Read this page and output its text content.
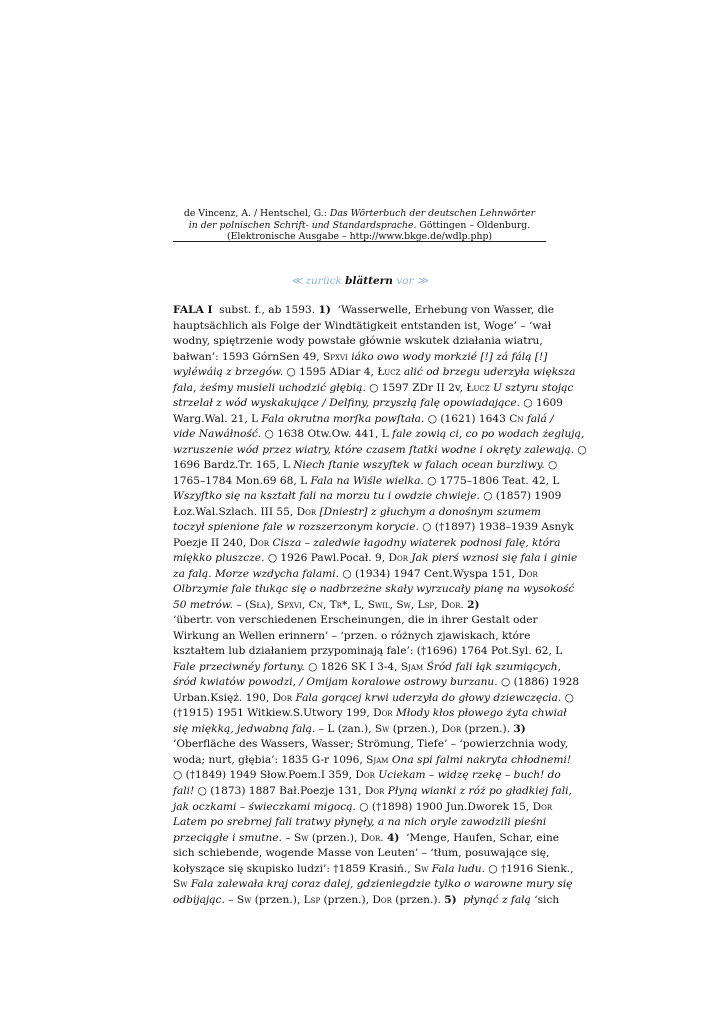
de Vincenz, A. / Hentschel, G.: Das Wörterbuch der deutschen Lehnwörter
in der polnischen Schrift- und Standardsprache. Göttingen – Oldenburg.
(Elektronische Ausgabe – http://www.bkge.de/wdlp.php)
≪ zurück blättern vor ≫
FALA I  subst. f., ab 1593. 1)  ‘Wasserwelle, Erhebung von Wasser, die
hauptsächlich als Folge der Windtätigkeit entstanden ist, Woge’ – ‘wał
wodny, spiętrzenie wody powstałe głównie wskutek działania wiatru,
bałwan’: 1593 GórnSen 49, Spxvi iáko owo wody morkzié [!] zá fálą [!]
wyléwáią z brzegów. ○ 1595 ADiar 4, Łucz alić od brzegu uderzyła większa
fala, żeśmy musieli uchodzić głębią. ○ 1597 ZDr II 2v, Łucz U sztyru stojąc
strzelał z wód wyskakujące / Delfiny, przyszłą falę opowiadające. ○ 1609
Warg.Wal. 21, L Fala okrutna morſka powſtała. ○ (1621) 1643 Cn falá /
vide Nawáłność. ○ 1638 Otw.Ow. 441, L fale zowią ci, co po wodach żeglują,
wzruszenie wód przez wiatry, które czasem ſtatki wodne i okręty zalewają. ○
1696 Bardz.Tr. 165, L Niech ſtanie wszyſtek w falach ocean burzliwy. ○
1765–1784 Mon.69 68, L Fala na Wiśle wielka. ○ 1775–1806 Teat. 42, L
Wszyſtko się na kształt fali na morzu tu i owdzie chwieje. ○ (1857) 1909
Łoz.Wal.Szlach. III 55, Dor [Dniestr] z głuchym a donośnym szumem
toczył spienione fale w rozszerzonym korycie. ○ (†1897) 1938–1939 Asnyk
Poezje II 240, Dor Cisza – zaledwie łagodny wiaterek podnosi falę, która
miękko pluszcze. ○ 1926 Pawl.Pocał. 9, Dor Jak pierś wznosi się fala i ginie
za falą. Morze wzdycha falami. ○ (1934) 1947 Cent.Wyspa 151, Dor
Olbrzymie fale tłukąc się o nadbrzeżne skały wyrzucały pianę na wysokość
50 metrów. – (Sła), Spxvi, Cn, Tr*, L, Swil, Sw, Lsp, Dor. 2)
‘übertr. von verschiedenen Erscheinungen, die in ihrer Gestalt oder
Wirkung an Wellen erinnern’ – ‘przen. o różnych zjawiskach, które
kształtem lub działaniem przypominają fale’: (†1696) 1764 Pot.Syl. 62, L
Fale przeciwnéy fortuny. ○ 1826 SK I 3-4, Sjam Śród fali łąk szumiących,
śród kwiatów powodzi, / Omijam koralowe ostrowy burzanu. ○ (1886) 1928
Urban.Księż. 190, Dor Fala gorącej krwi uderzyła do głowy dziewczęcia. ○
(†1915) 1951 Witkiew.S.Utwory 199, Dor Młody kłos płowego żyta chwiał
się miękką, jedwabną falą. – L (zan.), Sw (przen.), Dor (przen.). 3)
‘Oberfläche des Wassers, Wasser; Strömung, Tiefe’ – ‘powierzchnia wody,
woda; nurt, głębia’: 1835 G-r 1096, Sjam Ona spi falmi nakryta chłodnemi!
○ (†1849) 1949 Słow.Poem.I 359, Dor Uciekam – widzę rzekę – buch! do
fali! ○ (1873) 1887 Bał.Poezje 131, Dor Płyną wianki z róż po gładkiej fali,
jak oczkami – świeczkami migocą. ○ (†1898) 1900 Jun.Dworek 15, Dor
Latem po srebrnej fali tratwy płynęły, a na nich oryle zawodzili pieśni
przeciągłe i smutne. – Sw (przen.), Dor. 4)  ‘Menge, Haufen, Schar, eine
sich schiebende, wogende Masse von Leuten’ – ‘tłum, posuwające się,
kołyszące się skupisko ludzi’: †1859 Krasiń., Sw Fala ludu. ○ †1916 Sienk.,
Sw Fala zalewała kraj coraz dalej, gdzieniegdzie tylko o warowne mury się
odbijając. – Sw (przen.), Lsp (przen.), Dor (przen.). 5) płynąć z falą ‘sich
